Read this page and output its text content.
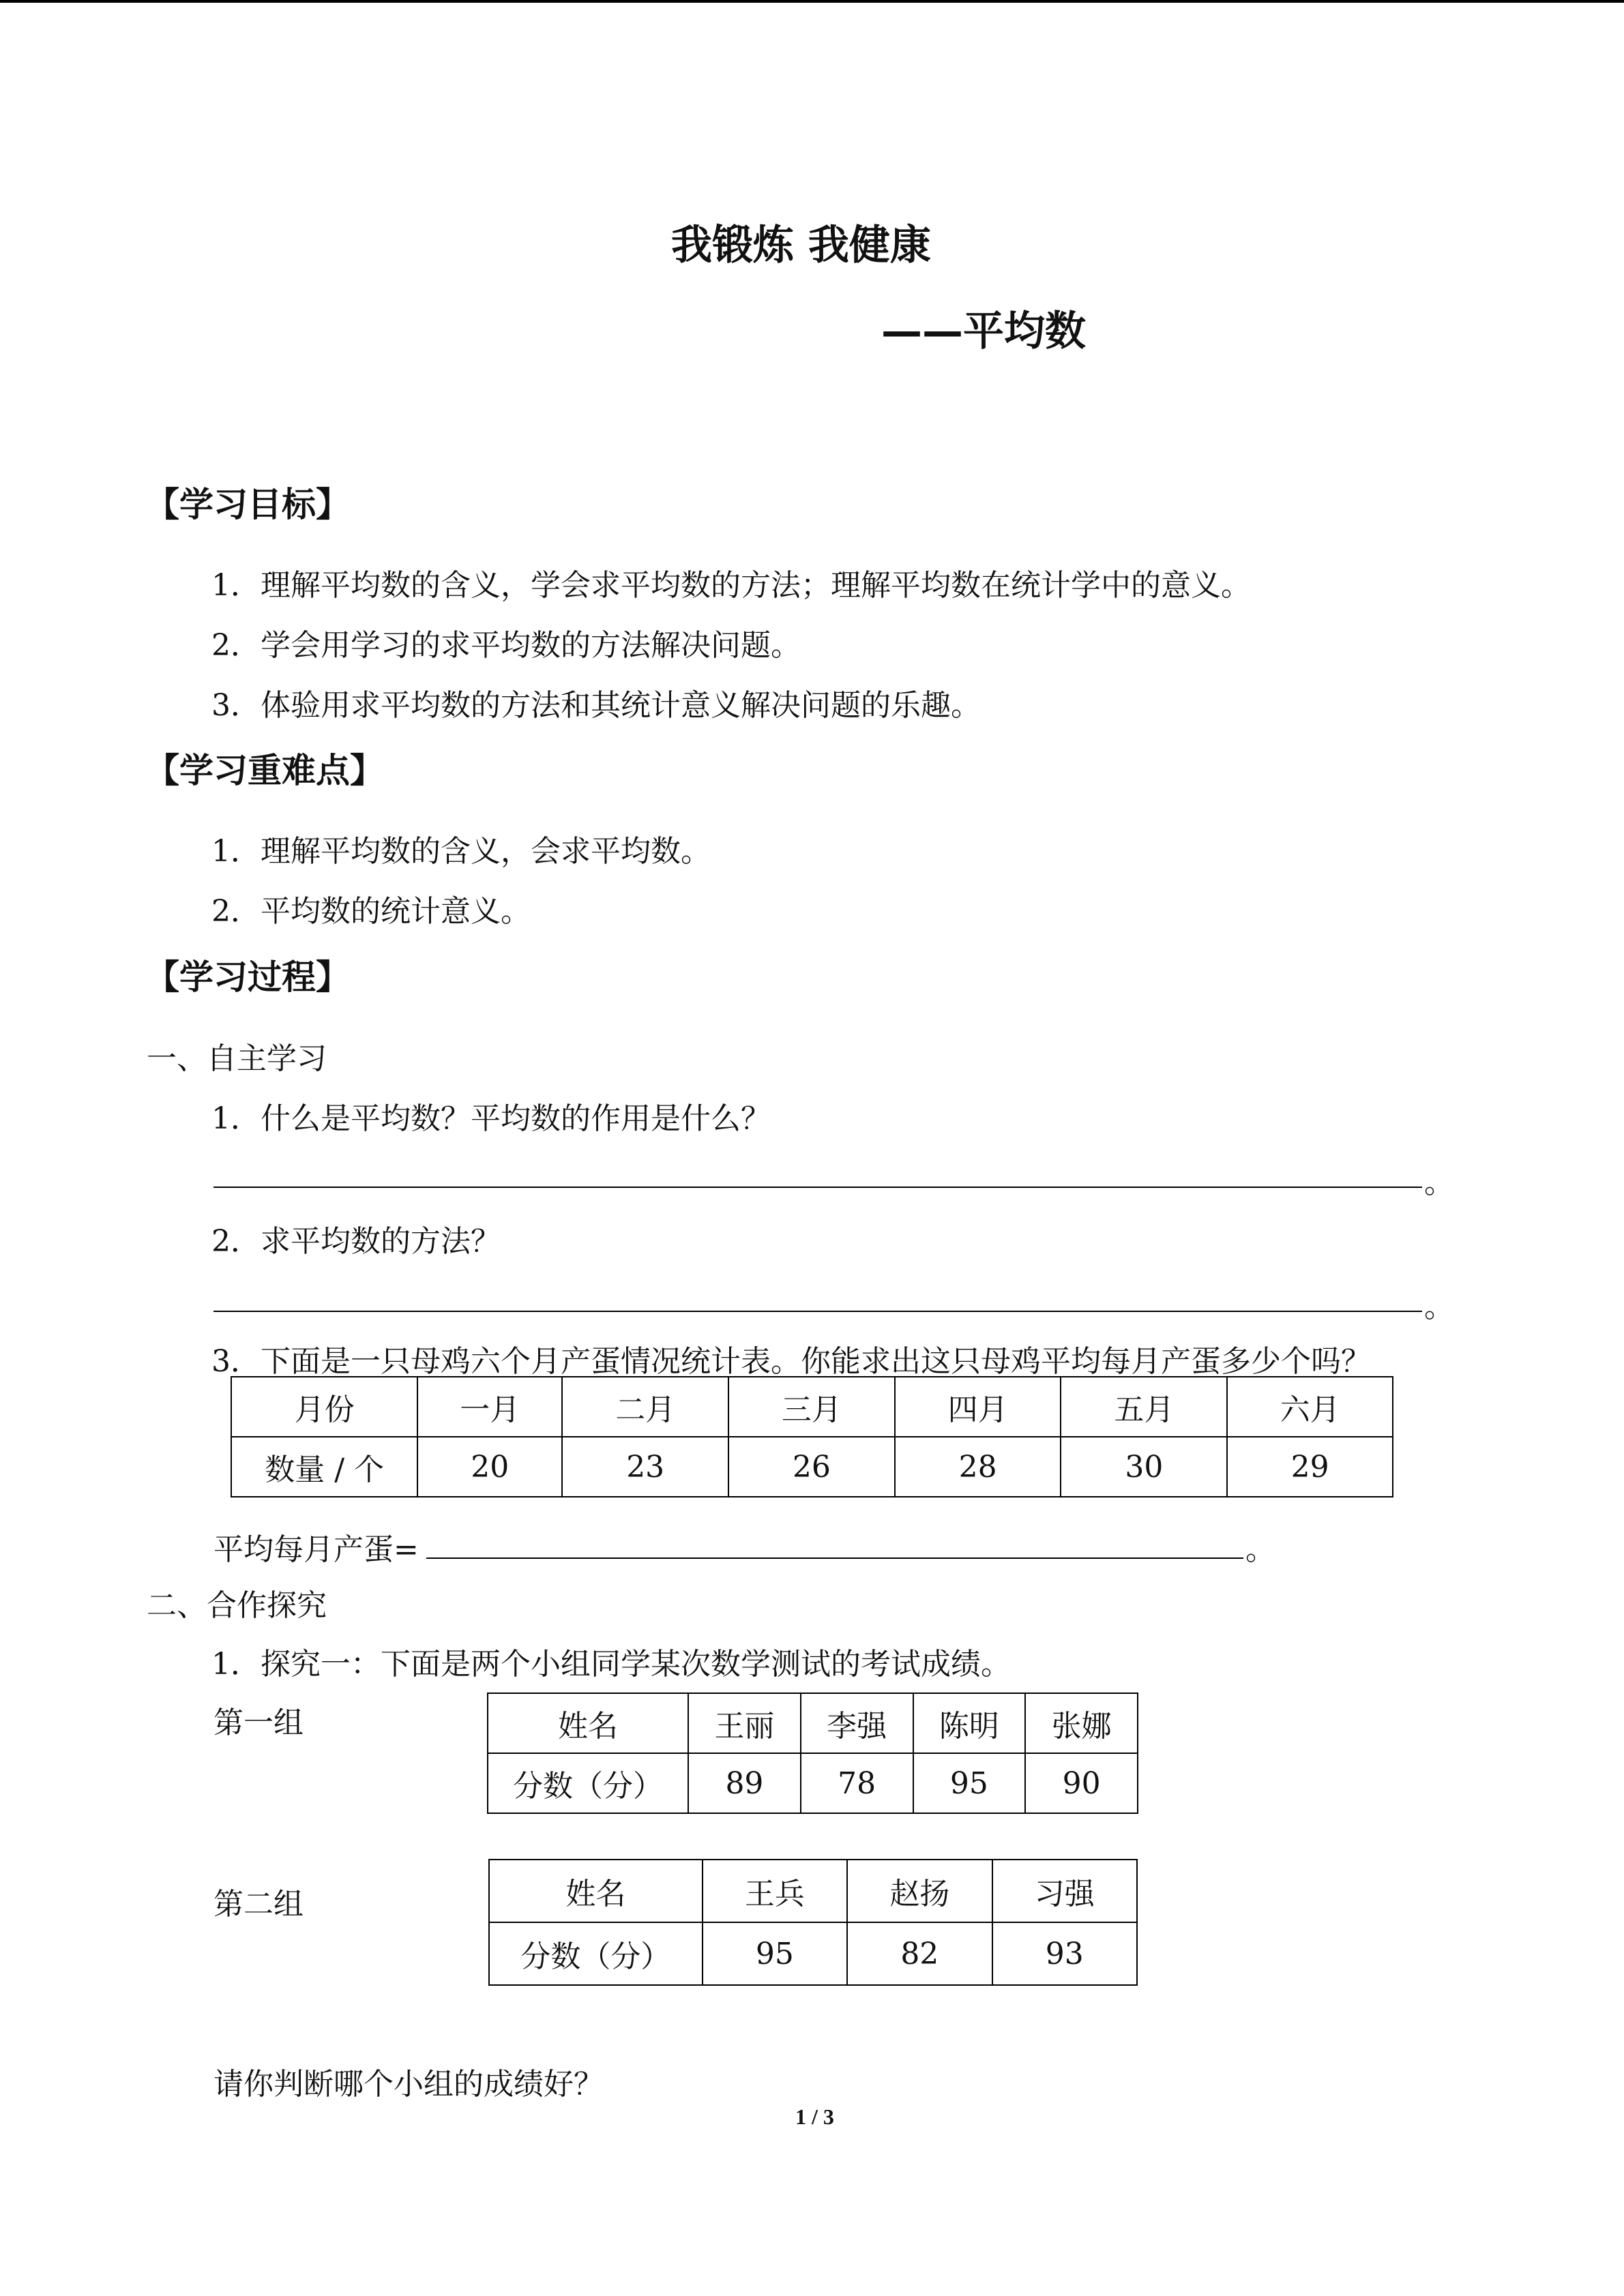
我锻炼 我健康
——平均数
【学习目标】
1．理解平均数的含义，学会求平均数的方法；理解平均数在统计学中的意义。
2．学会用学习的求平均数的方法解决问题。
3．体验用求平均数的方法和其统计意义解决问题的乐趣。
【学习重难点】
1．理解平均数的含义，会求平均数。
2．平均数的统计意义。
【学习过程】
一、自主学习
1．什么是平均数？平均数的作用是什么？
。
2．求平均数的方法？
。
3．下面是一只母鸡六个月产蛋情况统计表。你能求出这只母鸡平均每月产蛋多少个吗？
月份	一月	二月	三月	四月	五月	六月
数量 / 个	20	23	26	28	30	29
平均每月产蛋=	。
二、合作探究
1．探究一：下面是两个小组同学某次数学测试的考试成绩。
第一组	姓名	王丽	李强	陈明	张娜
分数（分）	89	78	95	90
第二组	姓名	王兵	赵扬	习强
分数（分）	95	82	93
请你判断哪个小组的成绩好？
1 / 3
